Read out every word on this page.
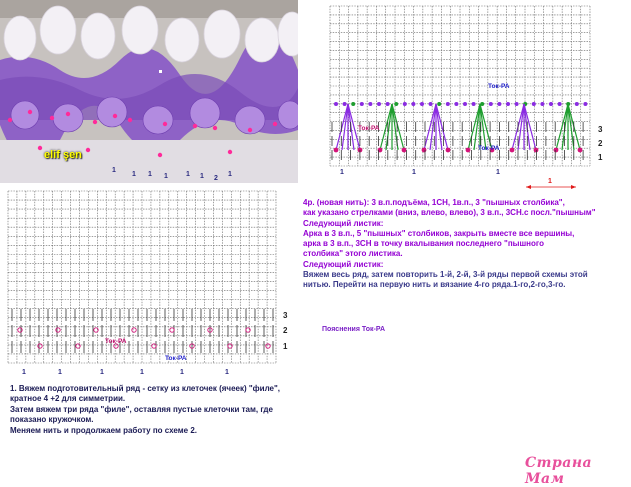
1
1 1 1	1 1 2
1
elif şen
Ток-PA
Ток-PA
Ток-PA
3
2
1
1	1	1
1
Ток-PA
Ток-PA
3
2
1
1	1	1	1	1	1
4р. (новая нить): 3 в.п.подъёма, 1СН, 1в.п., 3 "пышных столбика",
как указано стрелками (вниз, влево, влево), 3 в.п., 3СН.с посл."пышным"
Следующий листик:
Арка в 3 в.п., 5 "пышных" столбиков, закрыть вместе все вершины,
арка в 3 в.п., 3СН в точку вкалывания последнего "пышного
столбика" этого листика.
Следующий листик:
Вяжем весь ряд, затем повторить 1-й, 2-й, 3-й ряды первой схемы этой
нитью. Перейти на первую нить и вязание 4-го ряда.1-го,2-го,3-го.
Пояснения Ток-PA
1. Вяжем подготовительный ряд - сетку из клеточек (ячеек) "филе",
кратное 4 +2 для симметрии.
Затем вяжем три ряда "филе", оставляя пустые клеточки там, где
показано кружочком.
Меняем нить и продолжаем работу по схеме 2.
Страна Мам
